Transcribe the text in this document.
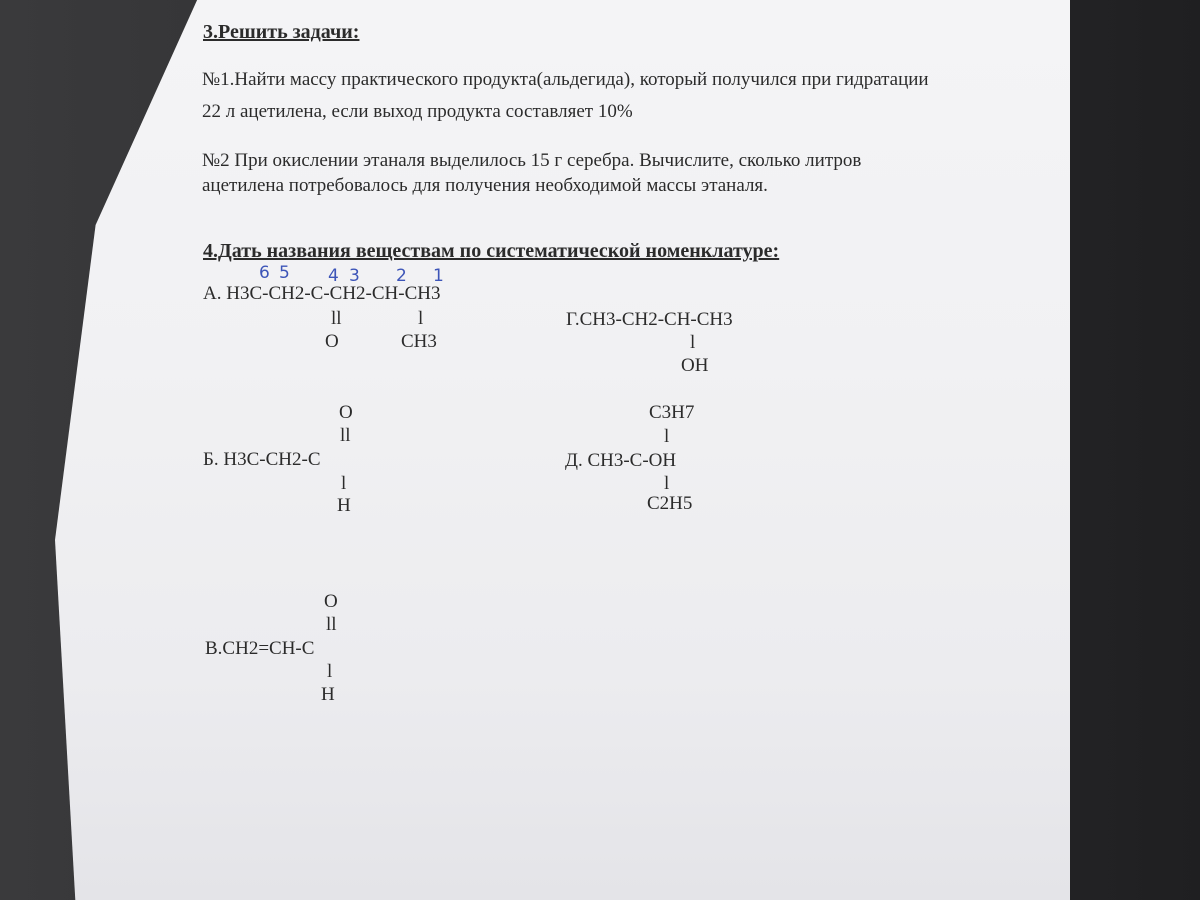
3.Решить задачи:
№1.Найти массу практического продукта(альдегида), который получился при гидратации
22 л ацетилена, если выход продукта составляет 10%
№2 При окислении этаналя выделилось 15 г серебра. Вычислите, сколько литров
ацетилена потребовалось для получения необходимой массы этаналя.
4.Дать названия веществам по систематической номенклатуре:
6 5 4 3 2 1
А. H3C-CH2-C-CH2-CH-CH3
ll	l
O	CH3
Г.CH3-CH2-CH-CH3
l
OH
O
ll
Б. H3C-CH2-C
l
H
C3H7
l
Д. CH3-C-OH
l
C2H5
O
ll
В.CH2=CH-C
l
H
